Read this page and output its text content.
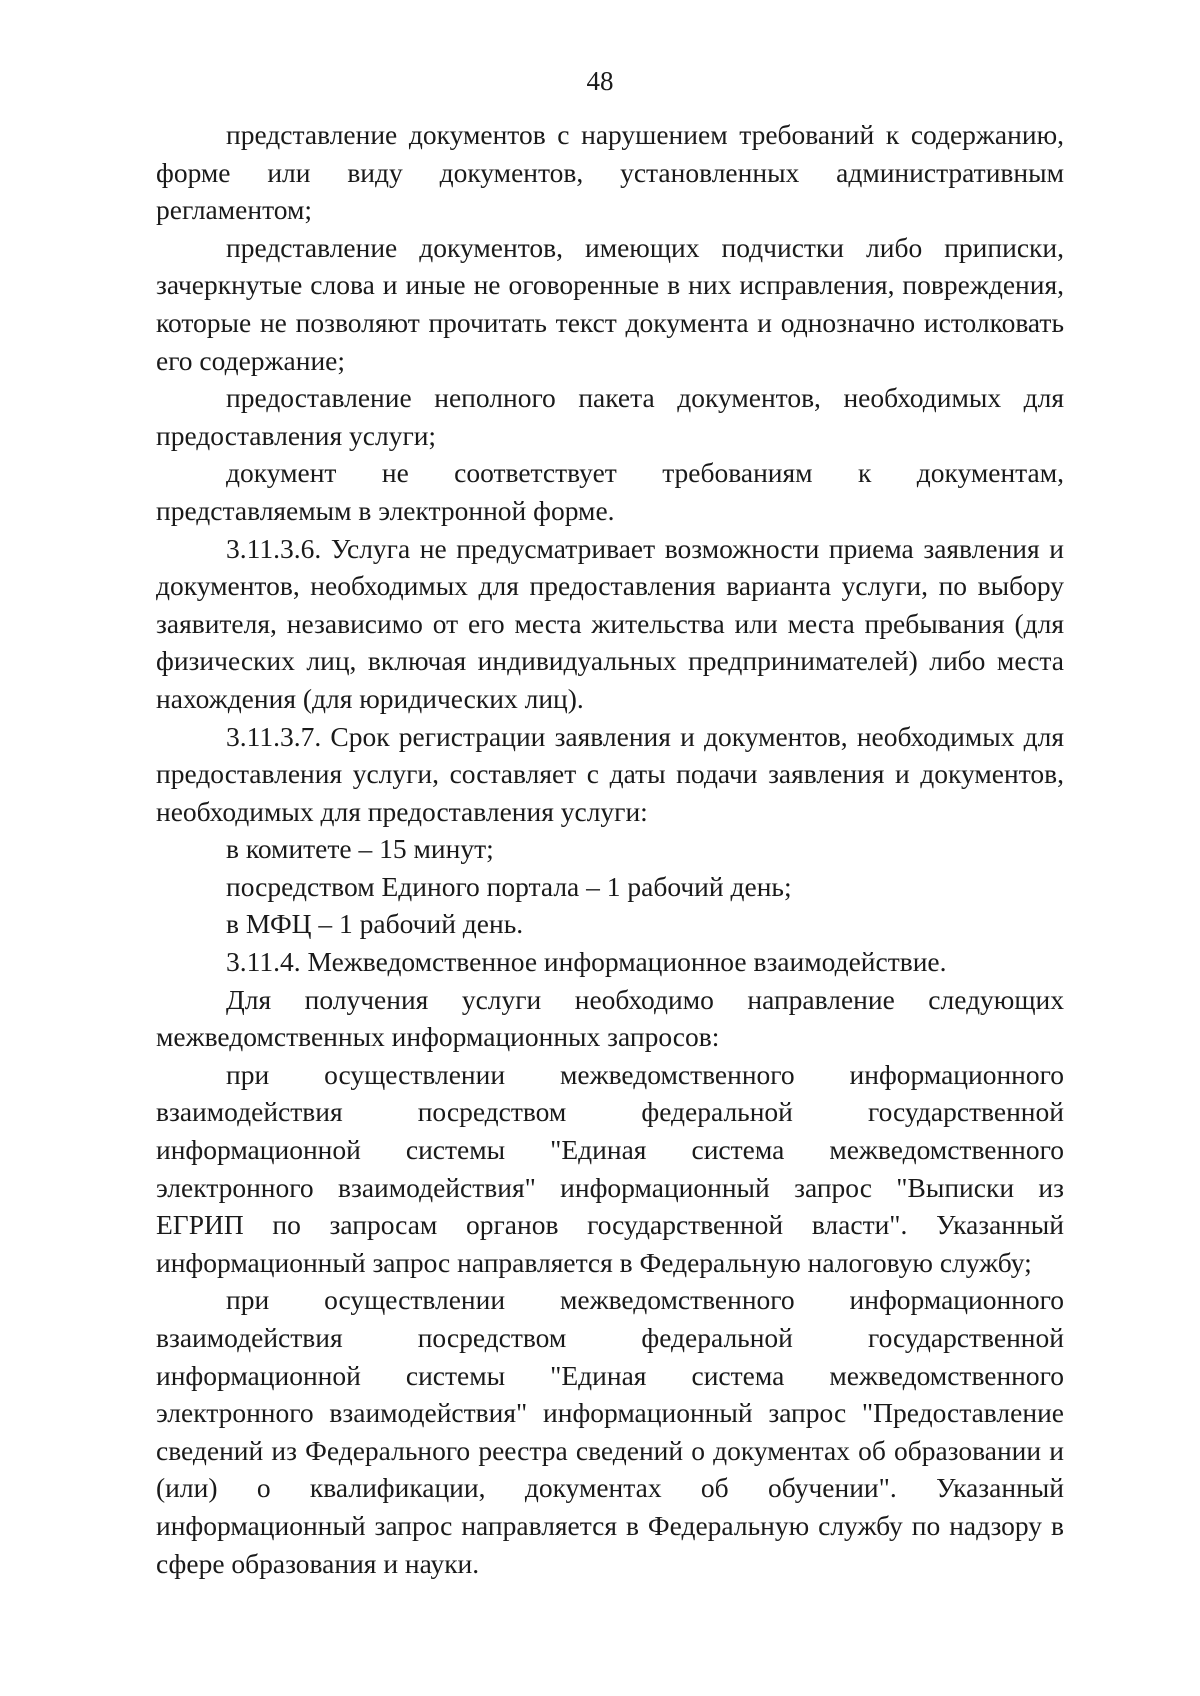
48

представление документов с нарушением требований к содержанию, форме или виду документов, установленных административным регламентом;

представление документов, имеющих подчистки либо приписки, зачеркнутые слова и иные не оговоренные в них исправления, повреждения, которые не позволяют прочитать текст документа и однозначно истолковать его содержание;

предоставление неполного пакета документов, необходимых для предоставления услуги;

документ не соответствует требованиям к документам, представляемым в электронной форме.

3.11.3.6. Услуга не предусматривает возможности приема заявления и документов, необходимых для предоставления варианта услуги, по выбору заявителя, независимо от его места жительства или места пребывания (для физических лиц, включая индивидуальных предпринимателей) либо места нахождения (для юридических лиц).

3.11.3.7. Срок регистрации заявления и документов, необходимых для предоставления услуги, составляет с даты подачи заявления и документов, необходимых для предоставления услуги:

в комитете – 15 минут;

посредством Единого портала – 1 рабочий день;

в МФЦ – 1 рабочий день.

3.11.4. Межведомственное информационное взаимодействие.

Для получения услуги необходимо направление следующих межведомственных информационных запросов:

при осуществлении межведомственного информационного взаимодействия посредством федеральной государственной информационной системы "Единая система межведомственного электронного взаимодействия" информационный запрос "Выписки из ЕГРИП по запросам органов государственной власти". Указанный информационный запрос направляется в Федеральную налоговую службу;

при осуществлении межведомственного информационного взаимодействия посредством федеральной государственной информационной системы "Единая система межведомственного электронного взаимодействия" информационный запрос "Предоставление сведений из Федерального реестра сведений о документах об образовании и (или) о квалификации, документах об обучении". Указанный информационный запрос направляется в Федеральную службу по надзору в сфере образования и науки.
